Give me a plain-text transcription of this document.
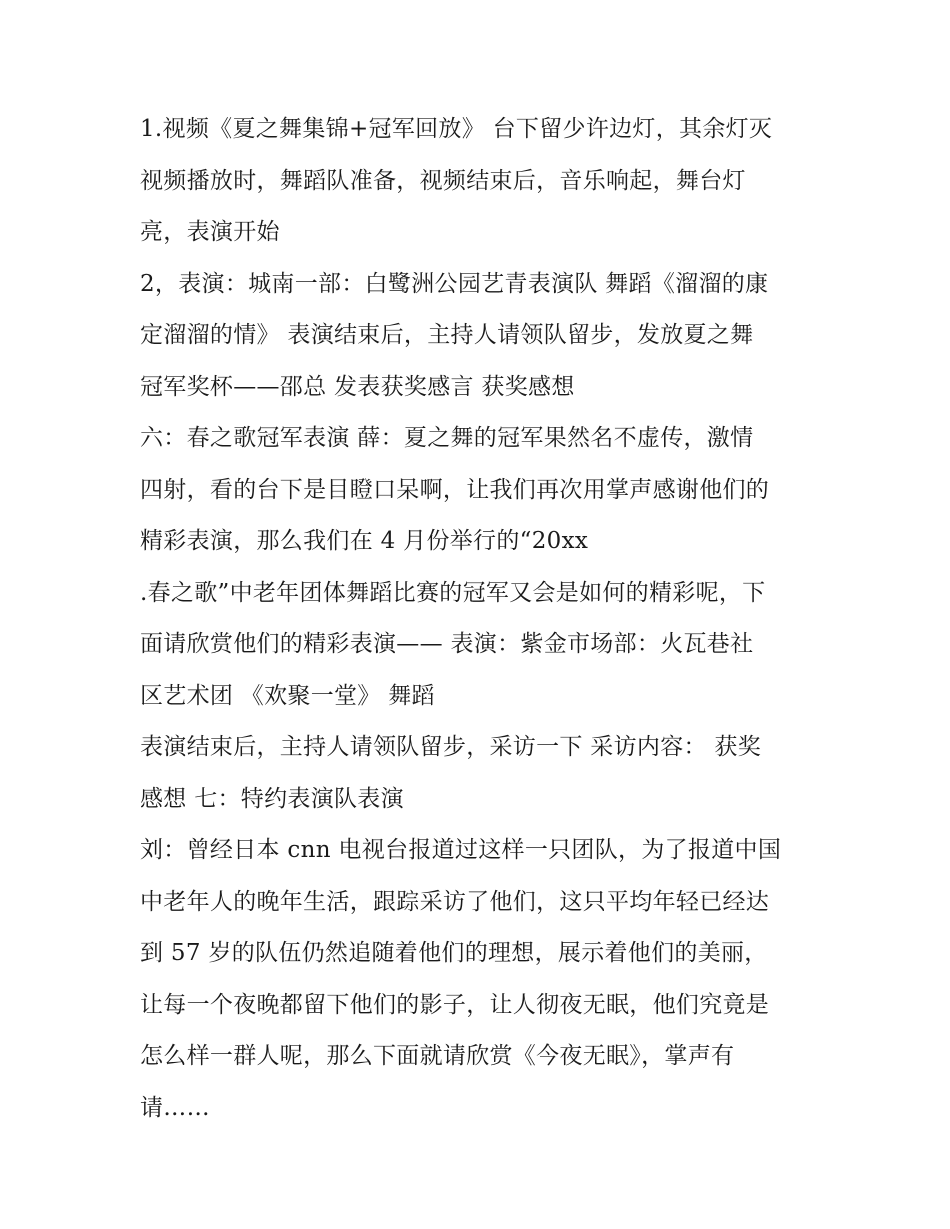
1.视频《夏之舞集锦+冠军回放》 台下留少许边灯，其余灯灭
视频播放时，舞蹈队准备，视频结束后，音乐响起，舞台灯
亮，表演开始
2，表演：城南一部：白鹭洲公园艺青表演队 舞蹈《溜溜的康
定溜溜的情》 表演结束后，主持人请领队留步，发放夏之舞
冠军奖杯——邵总 发表获奖感言 获奖感想
六：春之歌冠军表演 薛：夏之舞的冠军果然名不虚传，激情
四射，看的台下是目瞪口呆啊，让我们再次用掌声感谢他们的
精彩表演，那么我们在 4 月份举行的“20xx
.春之歌”中老年团体舞蹈比赛的冠军又会是如何的精彩呢，下
面请欣赏他们的精彩表演—— 表演：紫金市场部：火瓦巷社
区艺术团 《欢聚一堂》 舞蹈
表演结束后，主持人请领队留步，采访一下 采访内容： 获奖
感想 七：特约表演队表演
刘：曾经日本 cnn 电视台报道过这样一只团队，为了报道中国
中老年人的晚年生活，跟踪采访了他们，这只平均年轻已经达
到 57 岁的队伍仍然追随着他们的理想，展示着他们的美丽，
让每一个夜晚都留下他们的影子，让人彻夜无眠，他们究竟是
怎么样一群人呢，那么下面就请欣赏《今夜无眠》，掌声有
请……
